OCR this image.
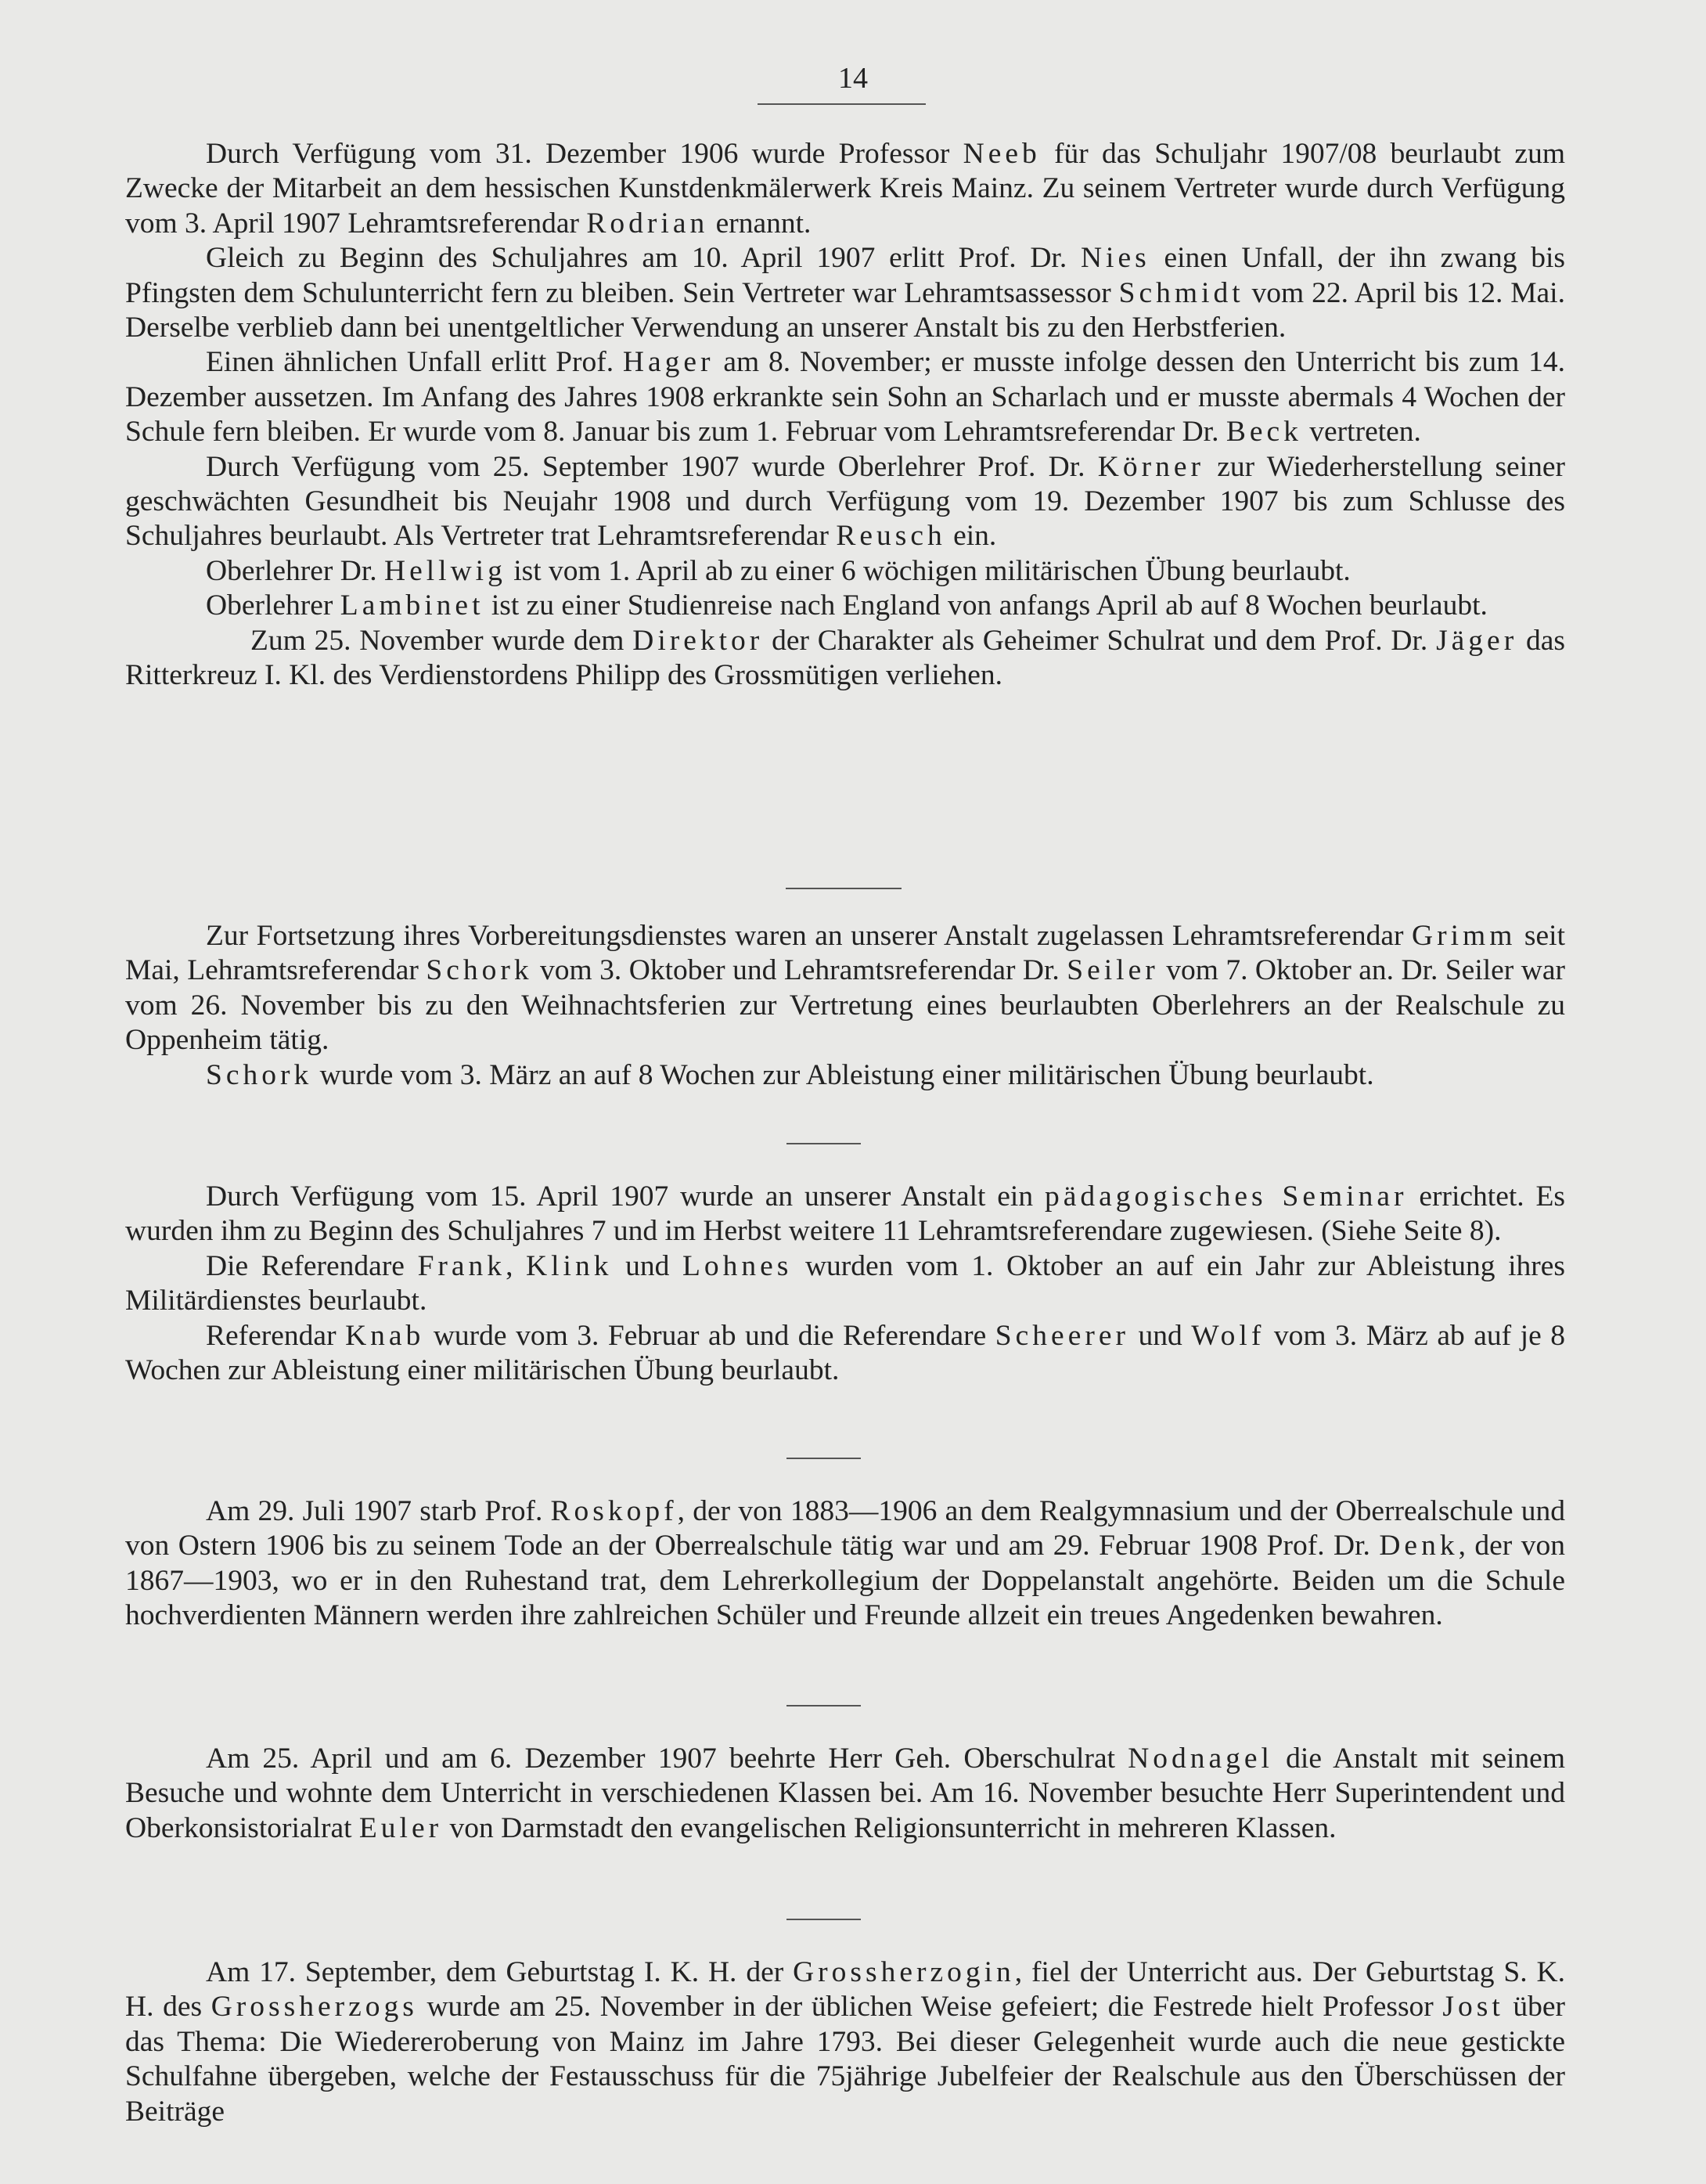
14

Durch Verfügung vom 31. Dezember 1906 wurde Professor Neeb für das Schuljahr 1907/08 beurlaubt zum Zwecke der Mitarbeit an dem hessischen Kunstdenkmälerwerk Kreis Mainz. Zu seinem Vertreter wurde durch Verfügung vom 3. April 1907 Lehramtsreferendar Rodrian ernannt.

Gleich zu Beginn des Schuljahres am 10. April 1907 erlitt Prof. Dr. Nies einen Unfall, der ihn zwang bis Pfingsten dem Schulunterricht fern zu bleiben. Sein Vertreter war Lehramtsassessor Schmidt vom 22. April bis 12. Mai. Derselbe verblieb dann bei unentgeltlicher Verwendung an unserer Anstalt bis zu den Herbstferien.

Einen ähnlichen Unfall erlitt Prof. Hager am 8. November; er musste infolge dessen den Unterricht bis zum 14. Dezember aussetzen. Im Anfang des Jahres 1908 erkrankte sein Sohn an Scharlach und er musste abermals 4 Wochen der Schule fern bleiben. Er wurde vom 8. Januar bis zum 1. Februar vom Lehramtsreferendar Dr. Beck vertreten.

Durch Verfügung vom 25. September 1907 wurde Oberlehrer Prof. Dr. Körner zur Wiederherstellung seiner geschwächten Gesundheit bis Neujahr 1908 und durch Verfügung vom 19. Dezember 1907 bis zum Schlusse des Schuljahres beurlaubt. Als Vertreter trat Lehramtsreferendar Reusch ein.

Oberlehrer Dr. Hellwig ist vom 1. April ab zu einer 6 wöchigen militärischen Übung beurlaubt.

Oberlehrer Lambinet ist zu einer Studienreise nach England von anfangs April ab auf 8 Wochen beurlaubt.

Zum 25. November wurde dem Direktor der Charakter als Geheimer Schulrat und dem Prof. Dr. Jäger das Ritterkreuz I. Kl. des Verdienstordens Philipp des Grossmütigen verliehen.

Zur Fortsetzung ihres Vorbereitungsdienstes waren an unserer Anstalt zugelassen Lehramtsreferendar Grimm seit Mai, Lehramtsreferendar Schork vom 3. Oktober und Lehramtsreferendar Dr. Seiler vom 7. Oktober an. Dr. Seiler war vom 26. November bis zu den Weihnachtsferien zur Vertretung eines beurlaubten Oberlehrers an der Realschule zu Oppenheim tätig.

Schork wurde vom 3. März an auf 8 Wochen zur Ableistung einer militärischen Übung beurlaubt.

Durch Verfügung vom 15. April 1907 wurde an unserer Anstalt ein pädagogisches Seminar errichtet. Es wurden ihm zu Beginn des Schuljahres 7 und im Herbst weitere 11 Lehramtsreferendare zugewiesen. (Siehe Seite 8).

Die Referendare Frank, Klink und Lohnes wurden vom 1. Oktober an auf ein Jahr zur Ableistung ihres Militärdienstes beurlaubt.

Referendar Knab wurde vom 3. Februar ab und die Referendare Scheerer und Wolf vom 3. März ab auf je 8 Wochen zur Ableistung einer militärischen Übung beurlaubt.

Am 29. Juli 1907 starb Prof. Roskopf, der von 1883—1906 an dem Realgymnasium und der Oberrealschule und von Ostern 1906 bis zu seinem Tode an der Oberrealschule tätig war und am 29. Februar 1908 Prof. Dr. Denk, der von 1867—1903, wo er in den Ruhestand trat, dem Lehrerkollegium der Doppelanstalt angehörte. Beiden um die Schule hochverdienten Männern werden ihre zahlreichen Schüler und Freunde allzeit ein treues Angedenken bewahren.

Am 25. April und am 6. Dezember 1907 beehrte Herr Geh. Oberschulrat Nodnagel die Anstalt mit seinem Besuche und wohnte dem Unterricht in verschiedenen Klassen bei. Am 16. November besuchte Herr Superintendent und Oberkonsistorialrat Euler von Darmstadt den evangelischen Religionsunterricht in mehreren Klassen.

Am 17. September, dem Geburtstag I. K. H. der Grossherzogin, fiel der Unterricht aus. Der Geburtstag S. K. H. des Grossherzogs wurde am 25. November in der üblichen Weise gefeiert; die Festrede hielt Professor Jost über das Thema: Die Wiedereroberung von Mainz im Jahre 1793. Bei dieser Gelegenheit wurde auch die neue gestickte Schulfahne übergeben, welche der Festausschuss für die 75jährige Jubelfeier der Realschule aus den Überschüssen der Beiträge
